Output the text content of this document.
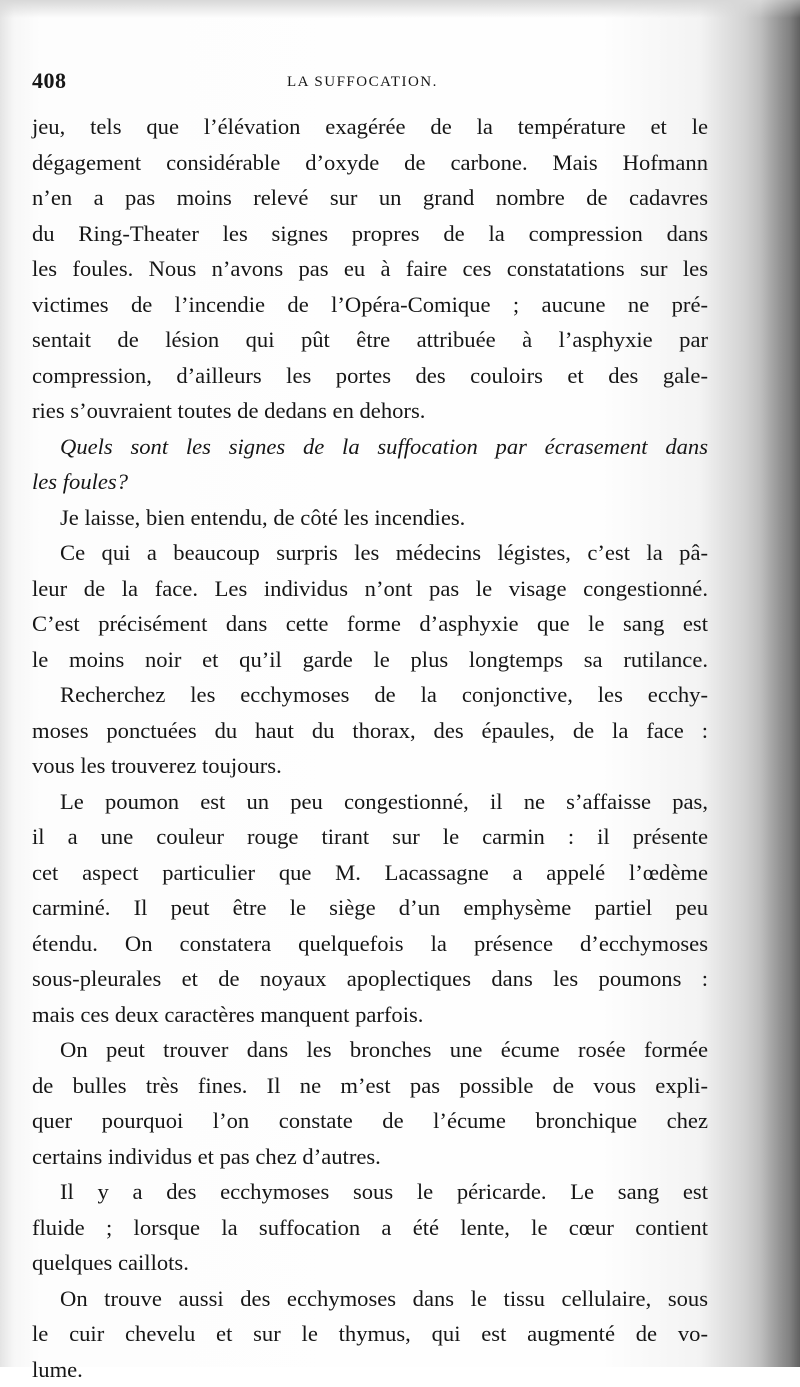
408	LA SUFFOCATION.
jeu, tels que l’élévation exagérée de la température et le
dégagement considérable d’oxyde de carbone. Mais Hofmann
n’en a pas moins relevé sur un grand nombre de cadavres
du Ring-Theater les signes propres de la compression dans
les foules. Nous n’avons pas eu à faire ces constatations sur les
victimes de l’incendie de l’Opéra-Comique ; aucune ne pré-
sentait de lésion qui pût être attribuée à l’asphyxie par
compression, d’ailleurs les portes des couloirs et des gale-
ries s’ouvraient toutes de dedans en dehors.
Quels sont les signes de la suffocation par écrasement dans
les foules?
Je laisse, bien entendu, de côté les incendies.
Ce qui a beaucoup surpris les médecins légistes, c’est la pâ-
leur de la face. Les individus n’ont pas le visage congestionné.
C’est précisément dans cette forme d’asphyxie que le sang est
le moins noir et qu’il garde le plus longtemps sa rutilance.
Recherchez les ecchymoses de la conjonctive, les ecchy-
moses ponctuées du haut du thorax, des épaules, de la face :
vous les trouverez toujours.
Le poumon est un peu congestionné, il ne s’affaisse pas,
il a une couleur rouge tirant sur le carmin : il présente
cet aspect particulier que M. Lacassagne a appelé l’œdème
carminé. Il peut être le siège d’un emphysème partiel peu
étendu. On constatera quelquefois la présence d’ecchymoses
sous-pleurales et de noyaux apoplectiques dans les poumons :
mais ces deux caractères manquent parfois.
On peut trouver dans les bronches une écume rosée formée
de bulles très fines. Il ne m’est pas possible de vous expli-
quer pourquoi l’on constate de l’écume bronchique chez
certains individus et pas chez d’autres.
Il y a des ecchymoses sous le péricarde. Le sang est
fluide ; lorsque la suffocation a été lente, le cœur contient
quelques caillots.
On trouve aussi des ecchymoses dans le tissu cellulaire, sous
le cuir chevelu et sur le thymus, qui est augmenté de vo-
lume.
